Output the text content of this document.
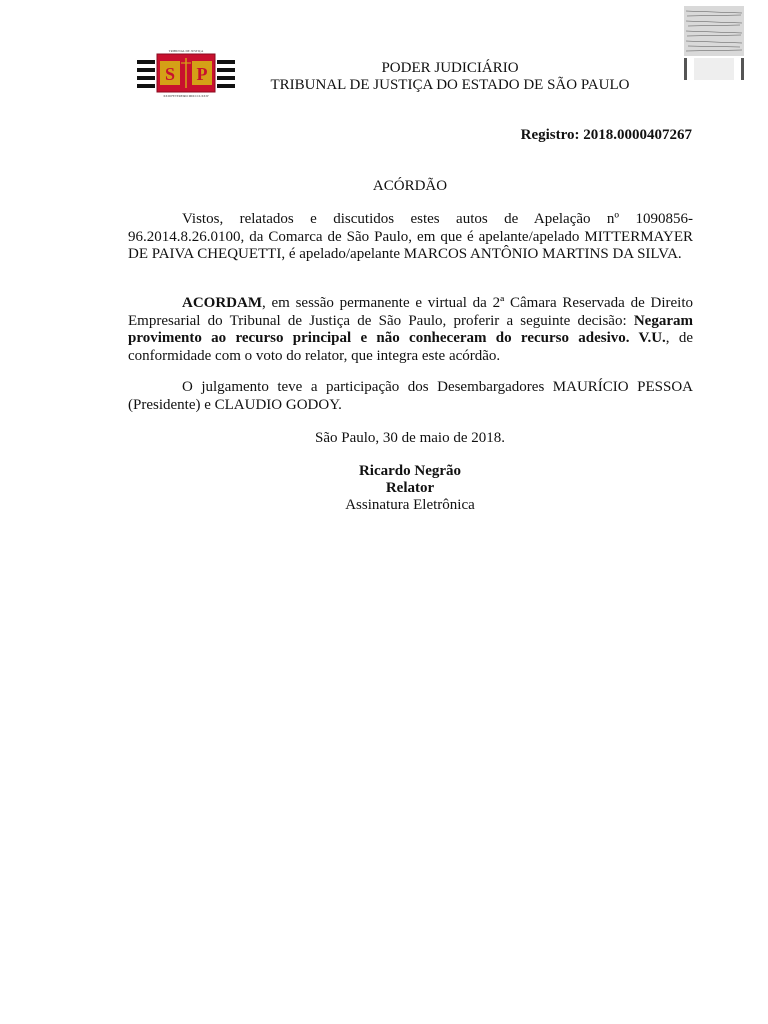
S P
TRIBUNAL DE JUSTIÇA
XXIII FEVEREIRO MDCCCLXXIV
PODER JUDICIÁRIO
TRIBUNAL DE JUSTIÇA DO ESTADO DE SÃO PAULO
Registro: 2018.0000407267
ACÓRDÃO

Vistos, relatados e discutidos estes autos de Apelação nº 1090856-96.2014.8.26.0100, da Comarca de São Paulo, em que é apelante/apelado MITTERMAYER DE PAIVA CHEQUETTI, é apelado/apelante MARCOS ANTÔNIO MARTINS DA SILVA.

ACORDAM, em sessão permanente e virtual da 2ª Câmara Reservada de Direito Empresarial do Tribunal de Justiça de São Paulo, proferir a seguinte decisão: Negaram provimento ao recurso principal e não conheceram do recurso adesivo. V.U., de conformidade com o voto do relator, que integra este acórdão.

O julgamento teve a participação dos Desembargadores MAURÍCIO PESSOA (Presidente) e CLAUDIO GODOY.

São Paulo, 30 de maio de 2018.
Ricardo Negrão
Relator
Assinatura Eletrônica
